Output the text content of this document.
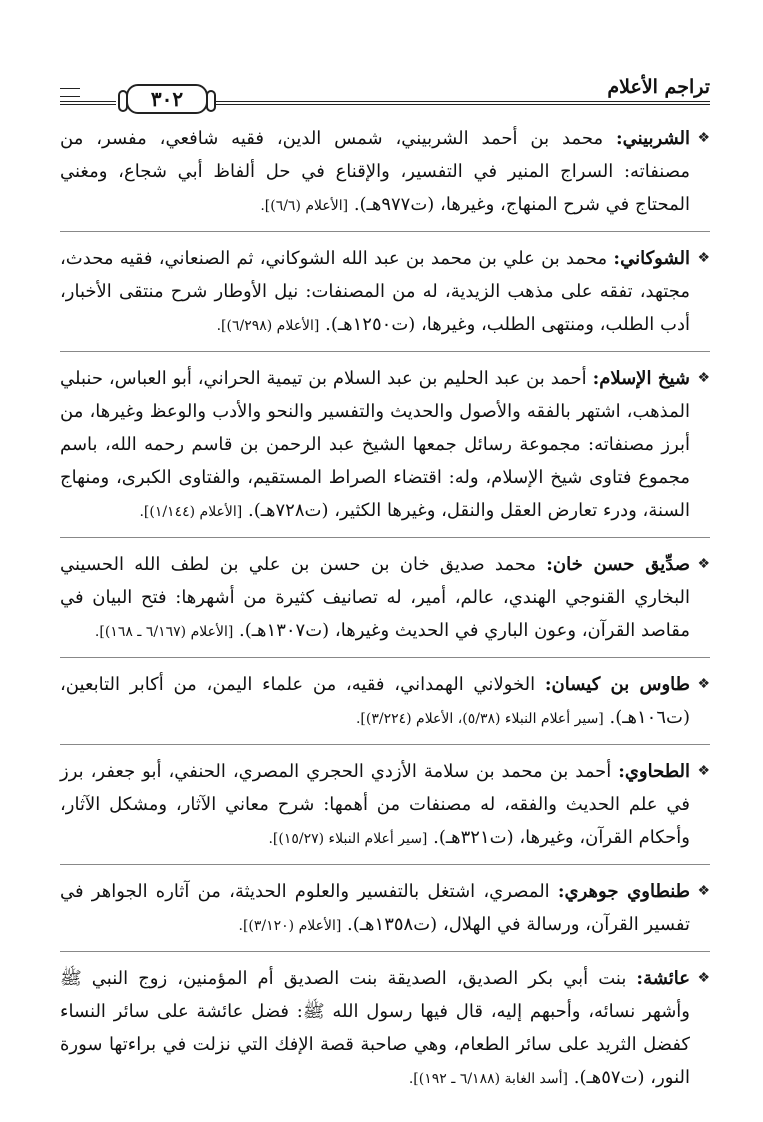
٣٠٢	تراجم الأعلام
❖
الشربيني: محمد بن أحمد الشربيني، شمس الدين، فقيه شافعي، مفسر، من مصنفاته: السراج المنير في التفسير، والإقناع في حل ألفاظ أبي شجاع، ومغني المحتاج في شرح المنهاج، وغيرها، (ت٩٧٧هـ). [الأعلام (٦/٦)].
❖
الشوكاني: محمد بن علي بن محمد بن عبد الله الشوكاني، ثم الصنعاني، فقيه محدث، مجتهد، تفقه على مذهب الزيدية، له من المصنفات: نيل الأوطار شرح منتقى الأخبار، أدب الطلب، ومنتهى الطلب، وغيرها، (ت١٢٥٠هـ). [الأعلام (٦/٢٩٨)].
❖
شيخ الإسلام: أحمد بن عبد الحليم بن عبد السلام بن تيمية الحراني، أبو العباس، حنبلي المذهب، اشتهر بالفقه والأصول والحديث والتفسير والنحو والأدب والوعظ وغيرها، من أبرز مصنفاته: مجموعة رسائل جمعها الشيخ عبد الرحمن بن قاسم رحمه الله، باسم مجموع فتاوى شيخ الإسلام، وله: اقتضاء الصراط المستقيم، والفتاوى الكبرى، ومنهاج السنة، ودرء تعارض العقل والنقل، وغيرها الكثير، (ت٧٢٨هـ). [الأعلام (١/١٤٤)].
❖
صدِّيق حسن خان: محمد صديق خان بن حسن بن علي بن لطف الله الحسيني البخاري القنوجي الهندي، عالم، أمير، له تصانيف كثيرة من أشهرها: فتح البيان في مقاصد القرآن، وعون الباري في الحديث وغيرها، (ت١٣٠٧هـ). [الأعلام (٦/١٦٧ ـ ١٦٨)].
❖
طاوس بن كيسان: الخولاني الهمداني، فقيه، من علماء اليمن، من أكابر التابعين، (ت١٠٦هـ). [سير أعلام النبلاء (٥/٣٨)، الأعلام (٣/٢٢٤)].
❖
الطحاوي: أحمد بن محمد بن سلامة الأزدي الحجري المصري، الحنفي، أبو جعفر، برز في علم الحديث والفقه، له مصنفات من أهمها: شرح معاني الآثار، ومشكل الآثار، وأحكام القرآن، وغيرها، (ت٣٢١هـ). [سير أعلام النبلاء (١٥/٢٧)].
❖
طنطاوي جوهري: المصري، اشتغل بالتفسير والعلوم الحديثة، من آثاره الجواهر في تفسير القرآن، ورسالة في الهلال، (ت١٣٥٨هـ). [الأعلام (٣/١٢٠)].
❖
عائشة: بنت أبي بكر الصديق، الصديقة بنت الصديق أم المؤمنين، زوج النبي ﷺ وأشهر نسائه، وأحبهم إليه، قال فيها رسول الله ﷺ: فضل عائشة على سائر النساء كفضل الثريد على سائر الطعام، وهي صاحبة قصة الإفك التي نزلت في براءتها سورة النور، (ت٥٧هـ). [أسد الغابة (٦/١٨٨ ـ ١٩٢)].
